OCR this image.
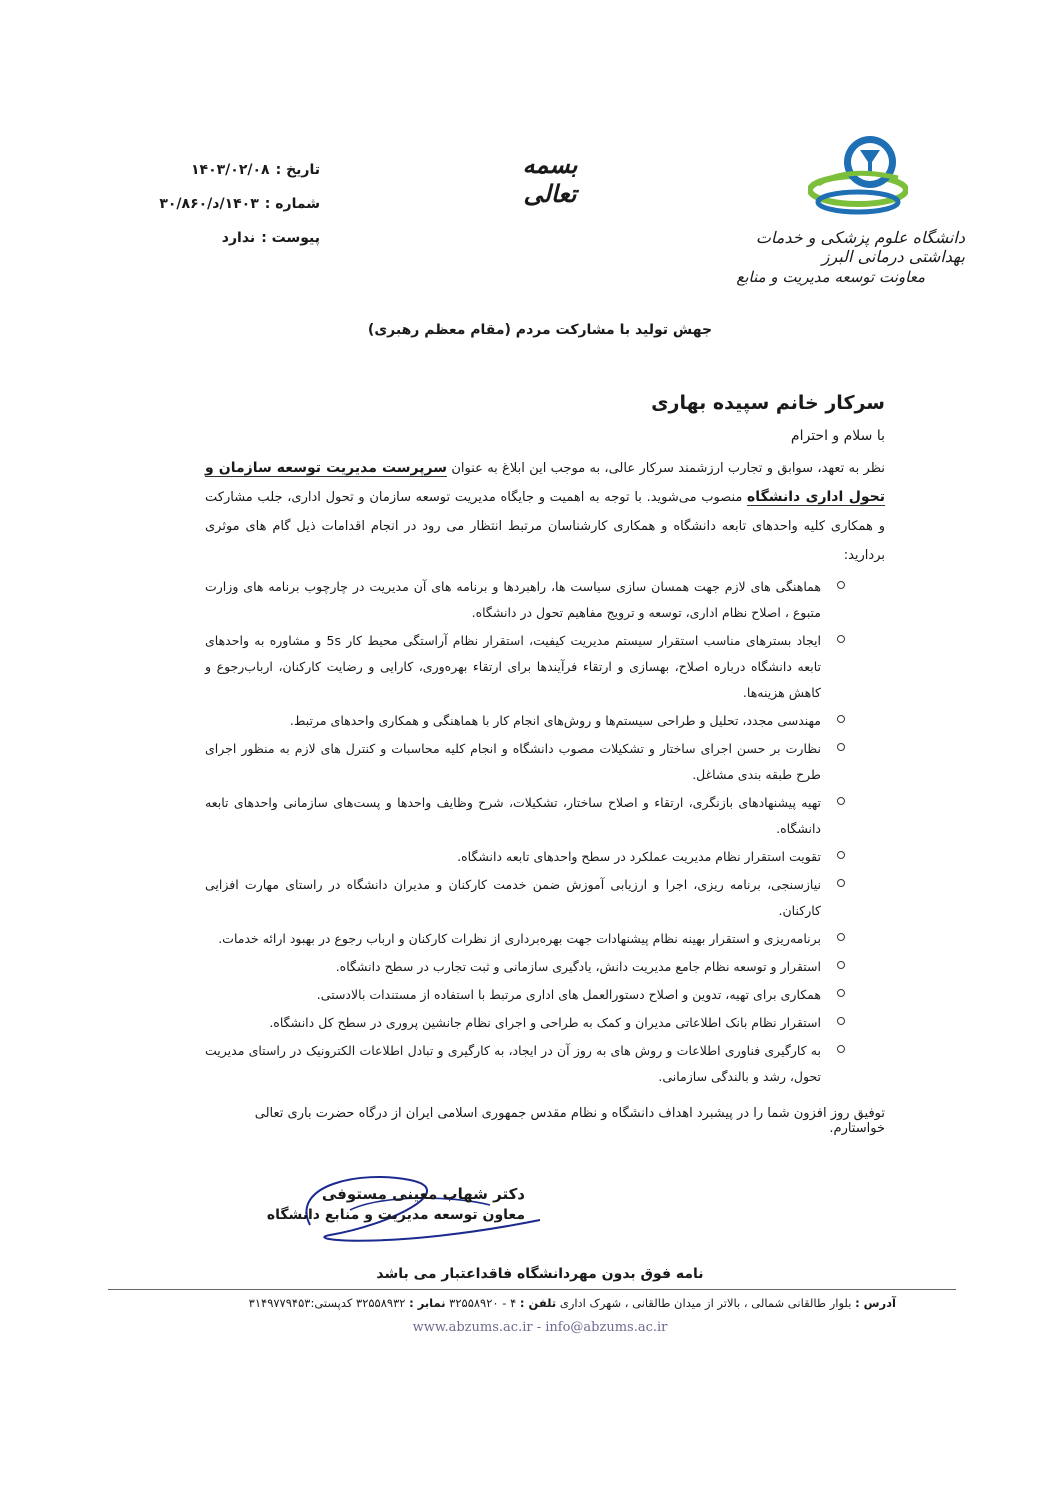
دانشگاه علوم پزشکی و خدمات بهداشتی درمانی البرز
معاونت توسعه مدیریت و منابع
بسمه تعالی
تاریخ :
۱۴۰۳/۰۲/۰۸
شماره :
۱۴۰۳/د/۳۰/۸۶۰
پیوست :
ندارد
جهش تولید با مشارکت مردم (مقام معظم رهبری)
سرکار خانم سپیده بهاری
با سلام و احترام

نظر به تعهد، سوابق و تجارب ارزشمند سرکار عالی، به موجب این ابلاغ به عنوان سرپرست مدیریت توسعه سازمان و تحول اداری دانشگاه منصوب می‌شوید. با توجه به اهمیت و جایگاه مدیریت توسعه سازمان و تحول اداری، جلب مشارکت و همکاری کلیه واحدهای تابعه دانشگاه و همکاری کارشناسان مرتبط انتظار می رود در انجام اقدامات ذیل گام های موثری بردارید:

هماهنگی های لازم جهت همسان سازی سیاست ها، راهبردها و برنامه های آن مدیریت در چارچوب برنامه های وزارت متبوع ، اصلاح نظام اداری، توسعه و ترویج مفاهیم تحول در دانشگاه.
ایجاد بسترهای مناسب استقرار سیستم مدیریت کیفیت، استقرار نظام آراستگی محیط کار 5s و مشاوره به واحدهای تابعه دانشگاه درباره اصلاح، بهسازی و ارتقاء فرآیندها برای ارتقاء بهره‌وری، کارایی و رضایت کارکنان، ارباب‌رجوع و کاهش هزینه‌ها.
مهندسی مجدد، تحلیل و طراحی سیستم‌ها و روش‌های انجام کار با هماهنگی و همکاری واحدهای مرتبط.
نظارت بر حسن اجرای ساختار و تشکیلات مصوب دانشگاه و انجام کلیه محاسبات و کنترل های لازم به منظور اجرای طرح طبقه بندی مشاغل.
تهیه پیشنهادهای بازنگری، ارتقاء و اصلاح ساختار، تشکیلات، شرح وظایف واحدها و پست‌های سازمانی واحدهای تابعه دانشگاه.
تقویت استقرار نظام مدیریت عملکرد در سطح واحدهای تابعه دانشگاه.
نیازسنجی، برنامه ریزی، اجرا و ارزیابی آموزش ضمن خدمت کارکنان و مدیران دانشگاه در راستای مهارت افزایی کارکنان.
برنامه‌ریزی و استقرار بهینه نظام پیشنهادات جهت بهره‌برداری از نظرات کارکنان و ارباب رجوع در بهبود ارائه خدمات.
استقرار و توسعه نظام جامع مدیریت دانش، یادگیری سازمانی و ثبت تجارب در سطح دانشگاه.
همکاری برای تهیه، تدوین و اصلاح دستورالعمل های اداری مرتبط با استفاده از مستندات بالادستی.
استقرار نظام بانک اطلاعاتی مدیران و کمک به طراحی و اجرای نظام جانشین پروری در سطح کل دانشگاه.
به کارگیری فناوری اطلاعات و روش های به روز آن در ایجاد، به کارگیری و تبادل اطلاعات الکترونیک در راستای مدیریت تحول، رشد و بالندگی سازمانی.
توفیق روز افزون شما را در پیشبرد اهداف دانشگاه و نظام مقدس جمهوری اسلامی ایران از درگاه حضرت باری تعالی خواستارم.
دکتر شهاب معینی مستوفی
معاون توسعه مدیریت و منابع دانشگاه
نامه فوق بدون مهردانشگاه فاقداعتبار می باشد
آدرس : بلوار طالقانی شمالی ، بالاتر از میدان طالقانی ، شهرک اداری تلفن : ۴ - ۳۲۵۵۸۹۲۰ نمابر : ۳۲۵۵۸۹۳۲ کدپستی:۳۱۴۹۷۷۹۴۵۳
www.abzums.ac.ir - info@abzums.ac.ir
